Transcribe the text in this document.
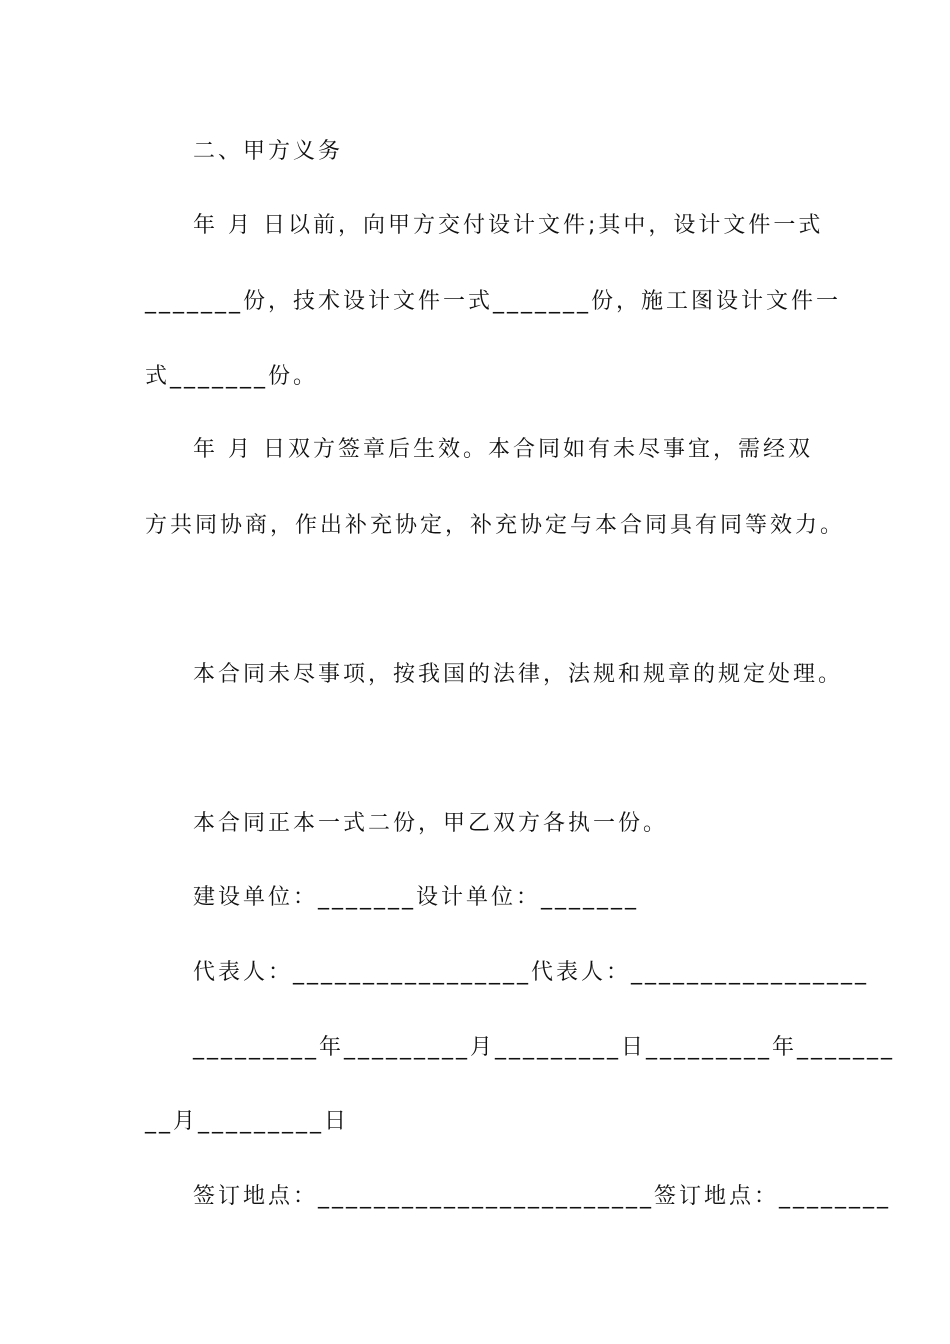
二、甲方义务

年 月 日以前，向甲方交付设计文件;其中，设计文件一式

_______份，技术设计文件一式_______份，施工图设计文件一

式_______份。

年 月 日双方签章后生效。本合同如有未尽事宜，需经双

方共同协商，作出补充协定，补充协定与本合同具有同等效力。

本合同未尽事项，按我国的法律，法规和规章的规定处理。

本合同正本一式二份，甲乙双方各执一份。

建设单位：_______设计单位：_______

代表人：_________________代表人：_________________

_________年_________月_________日_________年_______

__月_________日

签订地点：________________________签订地点：________
